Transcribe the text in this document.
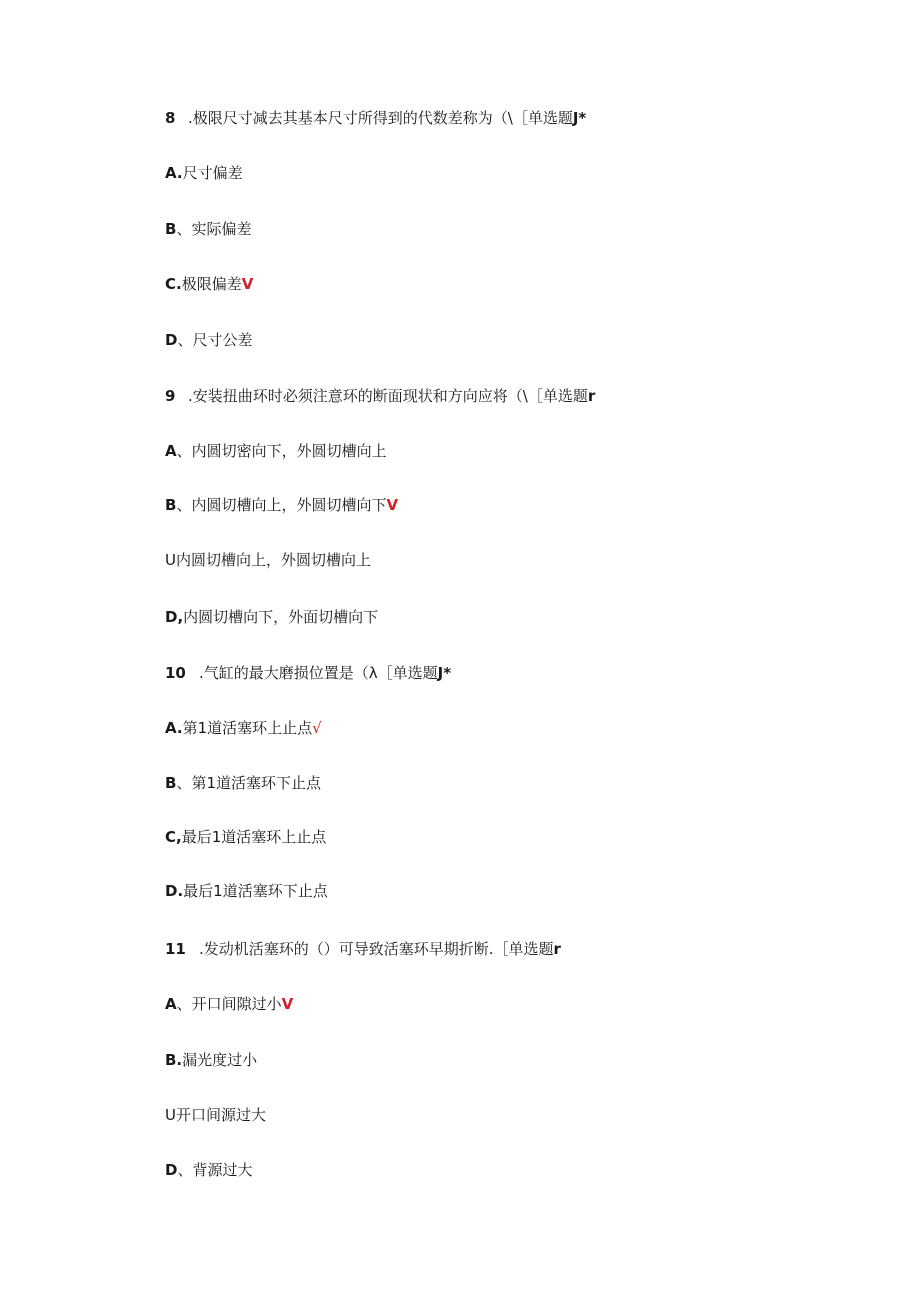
8 .极限尺寸减去其基本尺寸所得到的代数差称为（\［单选题J*
A.尺寸偏差
B、实际偏差
C.极限偏差V
D、尺寸公差
9 .安装扭曲环时必须注意环的断面现状和方向应将（\［单选题r
A、内圆切密向下，外圆切槽向上
B、内圆切槽向上，外圆切槽向下V
U内圆切槽向上，外圆切槽向上
D,内圆切槽向下，外面切槽向下
10 .气缸的最大磨损位置是（λ［单选题J*
A.第1道活塞环上止点√
B、第1道活塞环下止点
C,最后1道活塞环上止点
D.最后1道活塞环下止点
11 .发动机活塞环的（）可导致活塞环早期折断.［单选题r
A、开口间隙过小V
B.漏光度过小
U开口间源过大
D、背源过大
